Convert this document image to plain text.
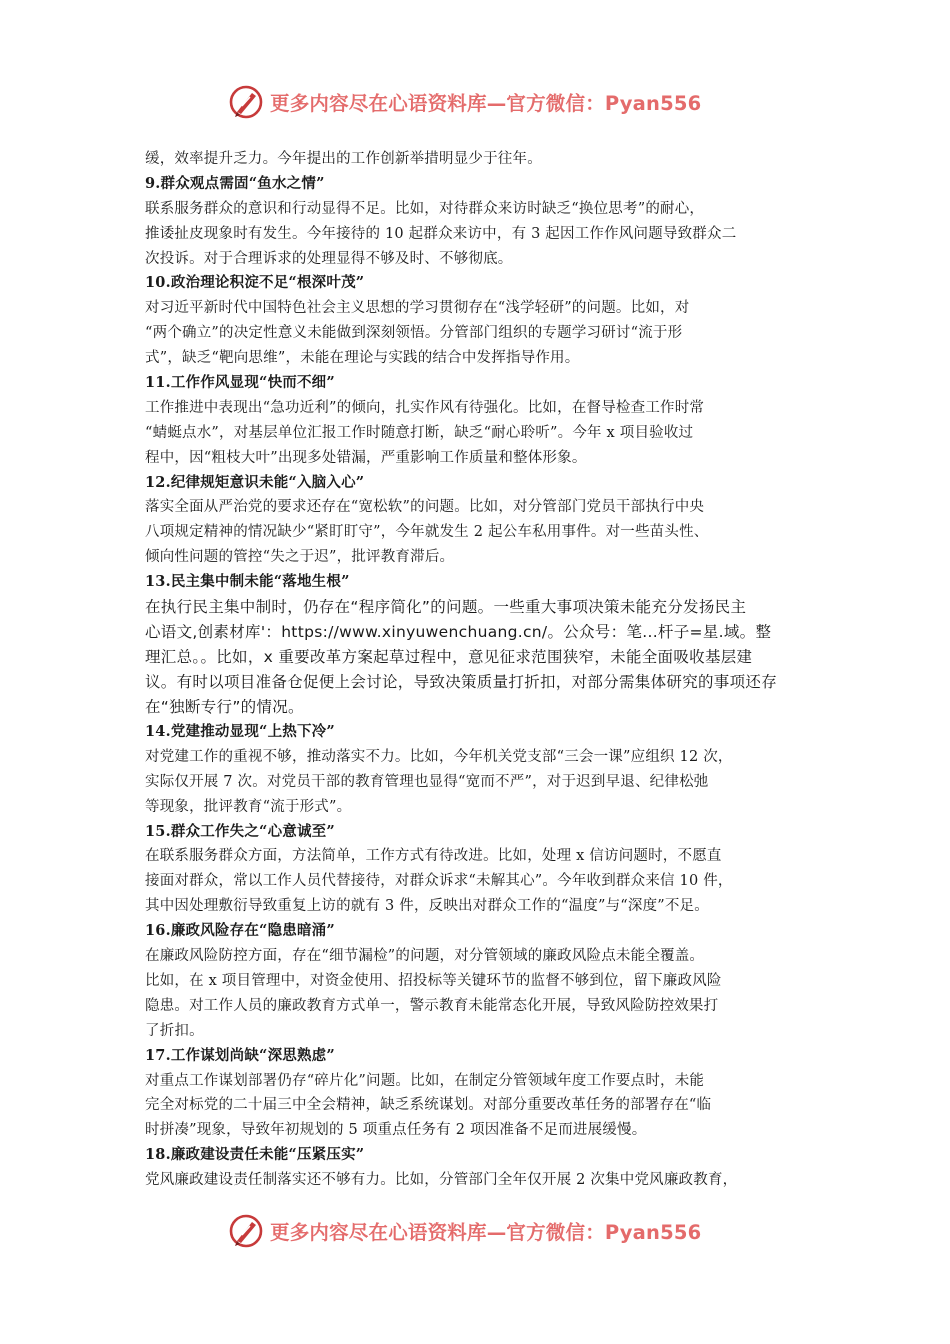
更多内容尽在心语资料库—官方微信：Pyan556
缓，效率提升乏力。今年提出的工作创新举措明显少于往年。
9.群众观点需固“鱼水之情”
联系服务群众的意识和行动显得不足。比如，对待群众来访时缺乏“换位思考”的耐心，
推诿扯皮现象时有发生。今年接待的 10 起群众来访中，有 3 起因工作作风问题导致群众二
次投诉。对于合理诉求的处理显得不够及时、不够彻底。
10.政治理论积淀不足“根深叶茂”
对习近平新时代中国特色社会主义思想的学习贯彻存在“浅学轻研”的问题。比如，对
“两个确立”的决定性意义未能做到深刻领悟。分管部门组织的专题学习研讨“流于形
式”，缺乏“靶向思维”，未能在理论与实践的结合中发挥指导作用。
11.工作作风显现“快而不细”
工作推进中表现出“急功近利”的倾向，扎实作风有待强化。比如，在督导检查工作时常
“蜻蜓点水”，对基层单位汇报工作时随意打断，缺乏“耐心聆听”。今年 x 项目验收过
程中，因“粗枝大叶”出现多处错漏，严重影响工作质量和整体形象。
12.纪律规矩意识未能“入脑入心”
落实全面从严治党的要求还存在“宽松软”的问题。比如，对分管部门党员干部执行中央
八项规定精神的情况缺少“紧盯盯守”，今年就发生 2 起公车私用事件。对一些苗头性、
倾向性问题的管控“失之于迟”，批评教育滞后。
13.民主集中制未能“落地生根”
在执行民主集中制时，仍存在“程序简化”的问题。一些重大事项决策未能充分发扬民主
心语文,创素材库'：https://www.xinyuwenchuang.cn/。公众号：笔...杆子=星.域。整
理汇总。。比如，x 重要改革方案起草过程中，意见征求范围狭窄，未能全面吸收基层建
议。有时以项目准备仓促便上会讨论，导致决策质量打折扣，对部分需集体研究的事项还存
在“独断专行”的情况。
14.党建推动显现“上热下冷”
对党建工作的重视不够，推动落实不力。比如，今年机关党支部“三会一课”应组织 12 次，
实际仅开展 7 次。对党员干部的教育管理也显得“宽而不严”，对于迟到早退、纪律松弛
等现象，批评教育“流于形式”。
15.群众工作失之“心意诚至”
在联系服务群众方面，方法简单，工作方式有待改进。比如，处理 x 信访问题时，不愿直
接面对群众，常以工作人员代替接待，对群众诉求“未解其心”。今年收到群众来信 10 件，
其中因处理敷衍导致重复上访的就有 3 件，反映出对群众工作的“温度”与“深度”不足。
16.廉政风险存在“隐患暗涌”
在廉政风险防控方面，存在“细节漏检”的问题，对分管领域的廉政风险点未能全覆盖。
比如，在 x 项目管理中，对资金使用、招投标等关键环节的监督不够到位，留下廉政风险
隐患。对工作人员的廉政教育方式单一，警示教育未能常态化开展，导致风险防控效果打
了折扣。
17.工作谋划尚缺“深思熟虑”
对重点工作谋划部署仍存“碎片化”问题。比如，在制定分管领域年度工作要点时，未能
完全对标党的二十届三中全会精神，缺乏系统谋划。对部分重要改革任务的部署存在“临
时拼凑”现象，导致年初规划的 5 项重点任务有 2 项因准备不足而进展缓慢。
18.廉政建设责任未能“压紧压实”
党风廉政建设责任制落实还不够有力。比如，分管部门全年仅开展 2 次集中党风廉政教育，
更多内容尽在心语资料库—官方微信：Pyan556
